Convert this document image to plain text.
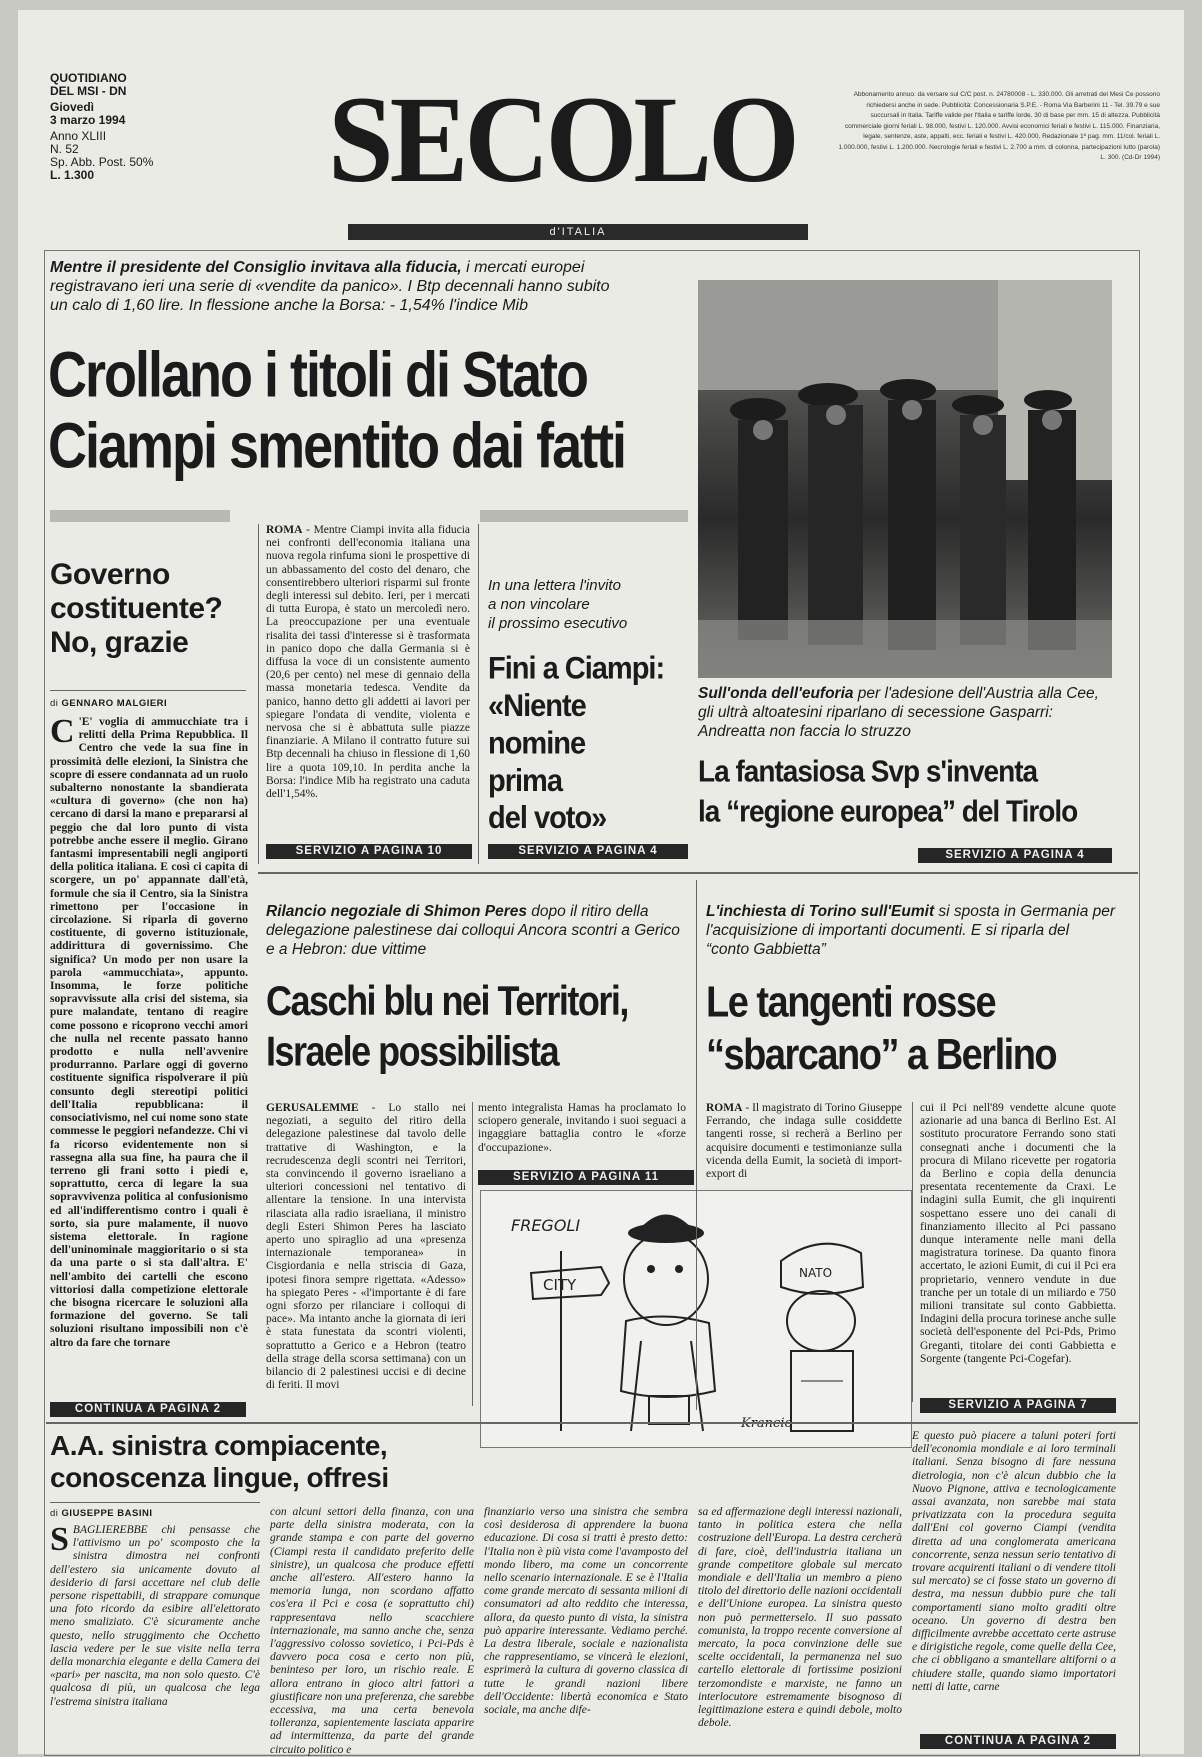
QUOTIDIANO
DEL MSI - DN
Giovedì
3 marzo 1994
Anno XLIII
N. 52
Sp. Abb. Post. 50%
L. 1.300	SECOLO
d'ITALIA
Abbonamento annuo: da versare sul C/C post. n. 24780008 - L. 330.000. Gli arretrati del Mesi Ce possono richiedersi anche in sede. Pubblicità: Concessionaria S.P.E. - Roma Via Barberini 11 - Tel. 39.79 e sue succursali in Italia. Tariffe valide per l'Italia e tariffe lorde. 30 di base per mm. 15 di altezza. Pubblicità commerciale giorni feriali L. 98.000, festivi L. 120.000. Avvisi economici feriali e festivi L. 115.000. Finanziaria, legale, sentenze, aste, appalti, ecc. feriali e festivi L. 420.000. Redazionale 1ª pag. mm. 11/col. feriali L. 1.000.000, festivi L. 1.200.000. Necrologie feriali e festivi L. 2.700 a mm. di colonna, partecipazioni lutto (parola) L. 300. (Cd-Dr 1994)
Mentre il presidente del Consiglio invitava alla fiducia, i mercati europei registravano ieri una serie di «vendite da panico». I Btp decennali hanno subito un calo di 1,60 lire. In flessione anche la Borsa: - 1,54% l'indice Mib
Crollano i titoli di Stato
Ciampi smentito dai fatti
Governo
costituente?
No, grazie
di GENNARO MALGIERI
C 'E' voglia di ammucchiate tra i relitti della Prima Repubblica. Il Centro che vede la sua fine in prossimità delle elezioni, la Sinistra che scopre di essere condannata ad un ruolo subalterno nonostante la sbandierata «cultura di governo» (che non ha) cercano di darsi la mano e prepararsi al peggio che dal loro punto di vista potrebbe anche essere il meglio. Girano fantasmi impresentabili negli angiporti della politica italiana. E così ci capita di scorgere, un po' appannate dall'età, formule che sia il Centro, sia la Sinistra rimettono per l'occasione in circolazione. Si riparla di governo costituente, di governo istituzionale, addirittura di governissimo. Che significa? Un modo per non usare la parola «ammucchiata», appunto. Insomma, le forze politiche sopravvissute alla crisi del sistema, sia pure malandate, tentano di reagire come possono e ricoprono vecchi amori che nulla nel recente passato hanno prodotto e nulla nell'avvenire produrranno. Parlare oggi di governo costituente significa rispolverare il più consunto degli stereotipi politici dell'Italia repubblicana: il consociativismo, nel cui nome sono state commesse le peggiori nefandezze. Chi vi fa ricorso evidentemente non si rassegna alla sua fine, ha paura che il terreno gli frani sotto i piedi e, soprattutto, cerca di legare la sua sopravvivenza politica al confusionismo ed all'indifferentismo contro i quali è sorto, sia pure malamente, il nuovo sistema elettorale. In ragione dell'uninominale maggioritario o si sta da una parte o si sta dall'altra. E' nell'ambito dei cartelli che escono vittoriosi dalla competizione elettorale che bisogna ricercare le soluzioni alla formazione del governo. Se tali soluzioni risultano impossibili non c'è altro da fare che tornare
CONTINUA A PAGINA 2
ROMA - Mentre Ciampi invita alla fiducia nei confronti dell'economia italiana una nuova regola rinfuma sioni le prospettive di un abbassamento del costo del denaro, che consentirebbero ulteriori risparmi sul fronte degli interessi sul debito. Ieri, per i mercati di tutta Europa, è stato un mercoledì nero. La preoccupazione per una eventuale risalita dei tassi d'interesse si è trasformata in panico dopo che dalla Germania si è diffusa la voce di un consistente aumento (20,6 per cento) nel mese di gennaio della massa monetaria tedesca. Vendite da panico, hanno detto gli addetti ai lavori per spiegare l'ondata di vendite, violenta e nervosa che si è abbattuta sulle piazze finanziarie. A Milano il contratto future sui Btp decennali ha chiuso in flessione di 1,60 lire a quota 109,10. In perdita anche la Borsa: l'indice Mib ha registrato una caduta dell'1,54%.
SERVIZIO A PAGINA 10
In una lettera l'invito
a non vincolare
il prossimo esecutivo
Fini a Ciampi:
«Niente
nomine
prima
del voto»
SERVIZIO A PAGINA 4
Sull'onda dell'euforia per l'adesione dell'Austria alla Cee, gli ultrà altoatesini riparlano di secessione Gasparri: Andreatta non faccia lo struzzo
La fantasiosa Svp s'inventa
la “regione europea” del Tirolo
SERVIZIO A PAGINA 4
Rilancio negoziale di Shimon Peres dopo il ritiro della delegazione palestinese dai colloqui Ancora scontri a Gerico e a Hebron: due vittime
Caschi blu nei Territori,
Israele possibilista
GERUSALEMME - Lo stallo nei negoziati, a seguito del ritiro della delegazione palestinese dal tavolo delle trattative di Washington, e la recrudescenza degli scontri nei Territori, sta convincendo il governo israeliano a ulteriori concessioni nel tentativo di allentare la tensione. In una intervista rilasciata alla radio israeliana, il ministro degli Esteri Shimon Peres ha lasciato aperto uno spiraglio ad una «presenza internazionale temporanea» in Cisgiordania e nella striscia di Gaza, ipotesi finora sempre rigettata. «Adesso» ha spiegato Peres - «l'importante è di fare ogni sforzo per rilanciare i colloqui di pace». Ma intanto anche la giornata di ieri è stata funestata da scontri violenti, soprattutto a Gerico e a Hebron (teatro della strage della scorsa settimana) con un bilancio di 2 palestinesi uccisi e di decine di feriti. Il movi
mento integralista Hamas ha proclamato lo sciopero generale, invitando i suoi seguaci a ingaggiare battaglia contro le «forze d'occupazione».
SERVIZIO A PAGINA 11
FREGOLI
CITY
NATO
L'inchiesta di Torino sull'Eumit si sposta in Germania per l'acquisizione di importanti documenti. E si riparla del “conto Gabbietta”
Le tangenti rosse
“sbarcano” a Berlino
ROMA - Il magistrato di Torino Giuseppe Ferrando, che indaga sulle cosiddette tangenti rosse, si recherà a Berlino per acquisire documenti e testimonianze sulla vicenda della Eumit, la società di import-export di
cui il Pci nell'89 vendette alcune quote azionarie ad una banca di Berlino Est. Al sostituto procuratore Ferrando sono stati consegnati anche i documenti che la procura di Milano ricevette per rogatoria da Berlino e copia della denuncia presentata recentemente da Craxi. Le indagini sulla Eumit, che gli inquirenti sospettano essere uno dei canali di finanziamento illecito al Pci passano dunque interamente nelle mani della magistratura torinese. Da quanto finora accertato, le azioni Eumit, di cui il Pci era proprietario, vennero vendute in due tranche per un totale di un miliardo e 750 milioni transitate sul conto Gabbietta. Indagini della procura torinese anche sulle società dell'esponente del Pci-Pds, Primo Greganti, titolare dei conti Gabbietta e Sorgente (tangente Pci-Cogefar).
SERVIZIO A PAGINA 7
A.A. sinistra compiacente,
conoscenza lingue, offresi
di GIUSEPPE BASINI
SBAGLIEREBBE chi pensasse che l'attivismo un po' scomposto che la sinistra dimostra nei confronti dell'estero sia unicamente dovuto al desiderio di farsi accettare nel club delle persone rispettabili, di strappare comunque una foto ricordo da esibire all'elettorato meno smaliziato. C'è sicuramente anche questo, nello struggimento che Occhetto lascia vedere per le sue visite nella terra della monarchia elegante e della Camera dei «pari» per nascita, ma non solo questo. C'è qualcosa di più, un qualcosa che lega l'estrema sinistra italiana
con alcuni settori della finanza, con una parte della sinistra moderata, con la grande stampa e con parte del governo (Ciampi resta il candidato preferito delle sinistre), un qualcosa che produce effetti anche all'estero. All'estero hanno la memoria lunga, non scordano affatto cos'era il Pci e cosa (e soprattutto chi) rappresentava nello scacchiere internazionale, ma sanno anche che, senza l'aggressivo colosso sovietico, i Pci-Pds è davvero poca cosa e certo non più, beninteso per loro, un rischio reale. E allora entrano in gioco altri fattori a giustificare non una preferenza, che sarebbe eccessiva, ma una certa benevola tolleranza, sapientemente lasciata apparire ad intermittenza, da parte del grande circuito politico e
finanziario verso una sinistra che sembra così desiderosa di apprendere la buona educazione. Di cosa si tratti è presto detto: l'Italia non è più vista come l'avamposto del mondo libero, ma come un concorrente nello scenario internazionale. E se è l'Italia come grande mercato di sessanta milioni di consumatori ad alto reddito che interessa, allora, da questo punto di vista, la sinistra può apparire interessante. Vediamo perché. La destra liberale, sociale e nazionalista che rappresentiamo, se vincerà le elezioni, esprimerà la cultura di governo classica di tutte le grandi nazioni libere dell'Occidente: libertà economica e Stato sociale, ma anche dife-
sa ed affermazione degli interessi nazionali, tanto in politica estera che nella costruzione dell'Europa. La destra cercherà di fare, cioè, dell'industria italiana un grande competitore globale sul mercato mondiale e dell'Italia un membro a pieno titolo del direttorio delle nazioni occidentali e dell'Unione europea. La sinistra questo non può permetterselo. Il suo passato comunista, la troppo recente conversione al mercato, la poca convinzione delle sue scelte occidentali, la permanenza nel suo cartello elettorale di fortissime posizioni terzomondiste e marxiste, ne fanno un interlocutore estremamente bisognoso di legittimazione estera e quindi debole, molto debole.
E questo può piacere a taluni poteri forti dell'economia mondiale e ai loro terminali italiani. Senza bisogno di fare nessuna dietrologia, non c'è alcun dubbio che la Nuovo Pignone, attiva e tecnologicamente assai avanzata, non sarebbe mai stata privatizzata con la procedura seguita dall'Eni col governo Ciampi (vendita diretta ad una conglomerata americana concorrente, senza nessun serio tentativo di trovare acquirenti italiani o di vendere titoli sul mercato) se ci fosse stato un governo di destra, ma nessun dubbio pure che tali comportamenti siano molto graditi oltre oceano. Un governo di destra ben difficilmente avrebbe accettato certe astruse e dirigistiche regole, come quelle della Cee, che ci obbligano a smantellare altiforni o a chiudere stalle, quando siamo importatori netti di latte, carne
CONTINUA A PAGINA 2
